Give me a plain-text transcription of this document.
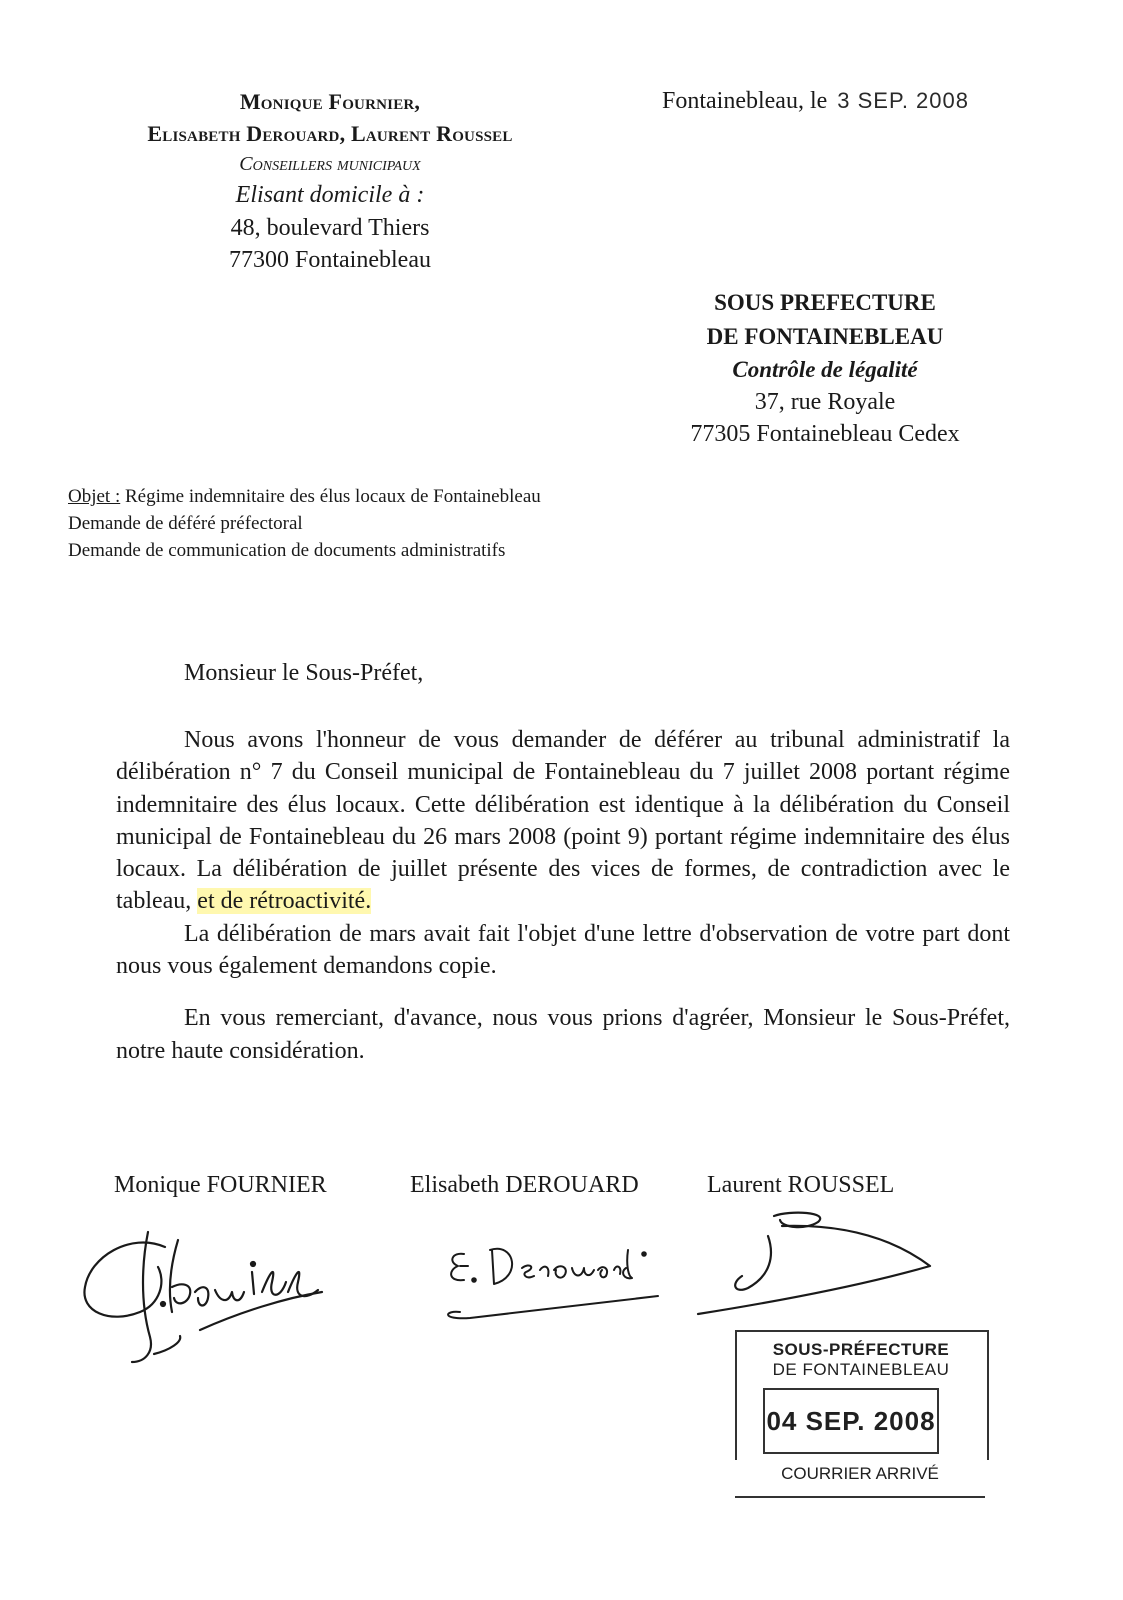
Monique Fournier,
Elisabeth Derouard, Laurent Roussel
Conseillers municipaux
Elisant domicile à :
48, boulevard Thiers
77300 Fontainebleau
Fontainebleau, le 3 SEP. 2008
SOUS PREFECTURE
DE FONTAINEBLEAU
Contrôle de légalité
37, rue Royale
77305 Fontainebleau Cedex
Objet : Régime indemnitaire des élus locaux de Fontainebleau
Demande de déféré préfectoral
Demande de communication de documents administratifs
Monsieur le Sous-Préfet,

Nous avons l'honneur de vous demander de déférer au tribunal administratif la délibération n° 7 du Conseil municipal de Fontainebleau du 7 juillet 2008 portant régime indemnitaire des élus locaux. Cette délibération est identique à la délibération du Conseil municipal de Fontainebleau du 26 mars 2008 (point 9) portant régime indemnitaire des élus locaux. La délibération de juillet présente des vices de formes, de contradiction avec le tableau, et de rétroactivité.

La délibération de mars avait fait l'objet d'une lettre d'observation de votre part dont nous vous également demandons copie.

En vous remerciant, d'avance, nous vous prions d'agréer, Monsieur le Sous-Préfet, notre haute considération.

Monique FOURNIER	Elisabeth DEROUARD	Laurent ROUSSEL
SOUS-PRÉFECTURE
DE FONTAINEBLEAU
04 SEP. 2008
COURRIER ARRIVÉ
